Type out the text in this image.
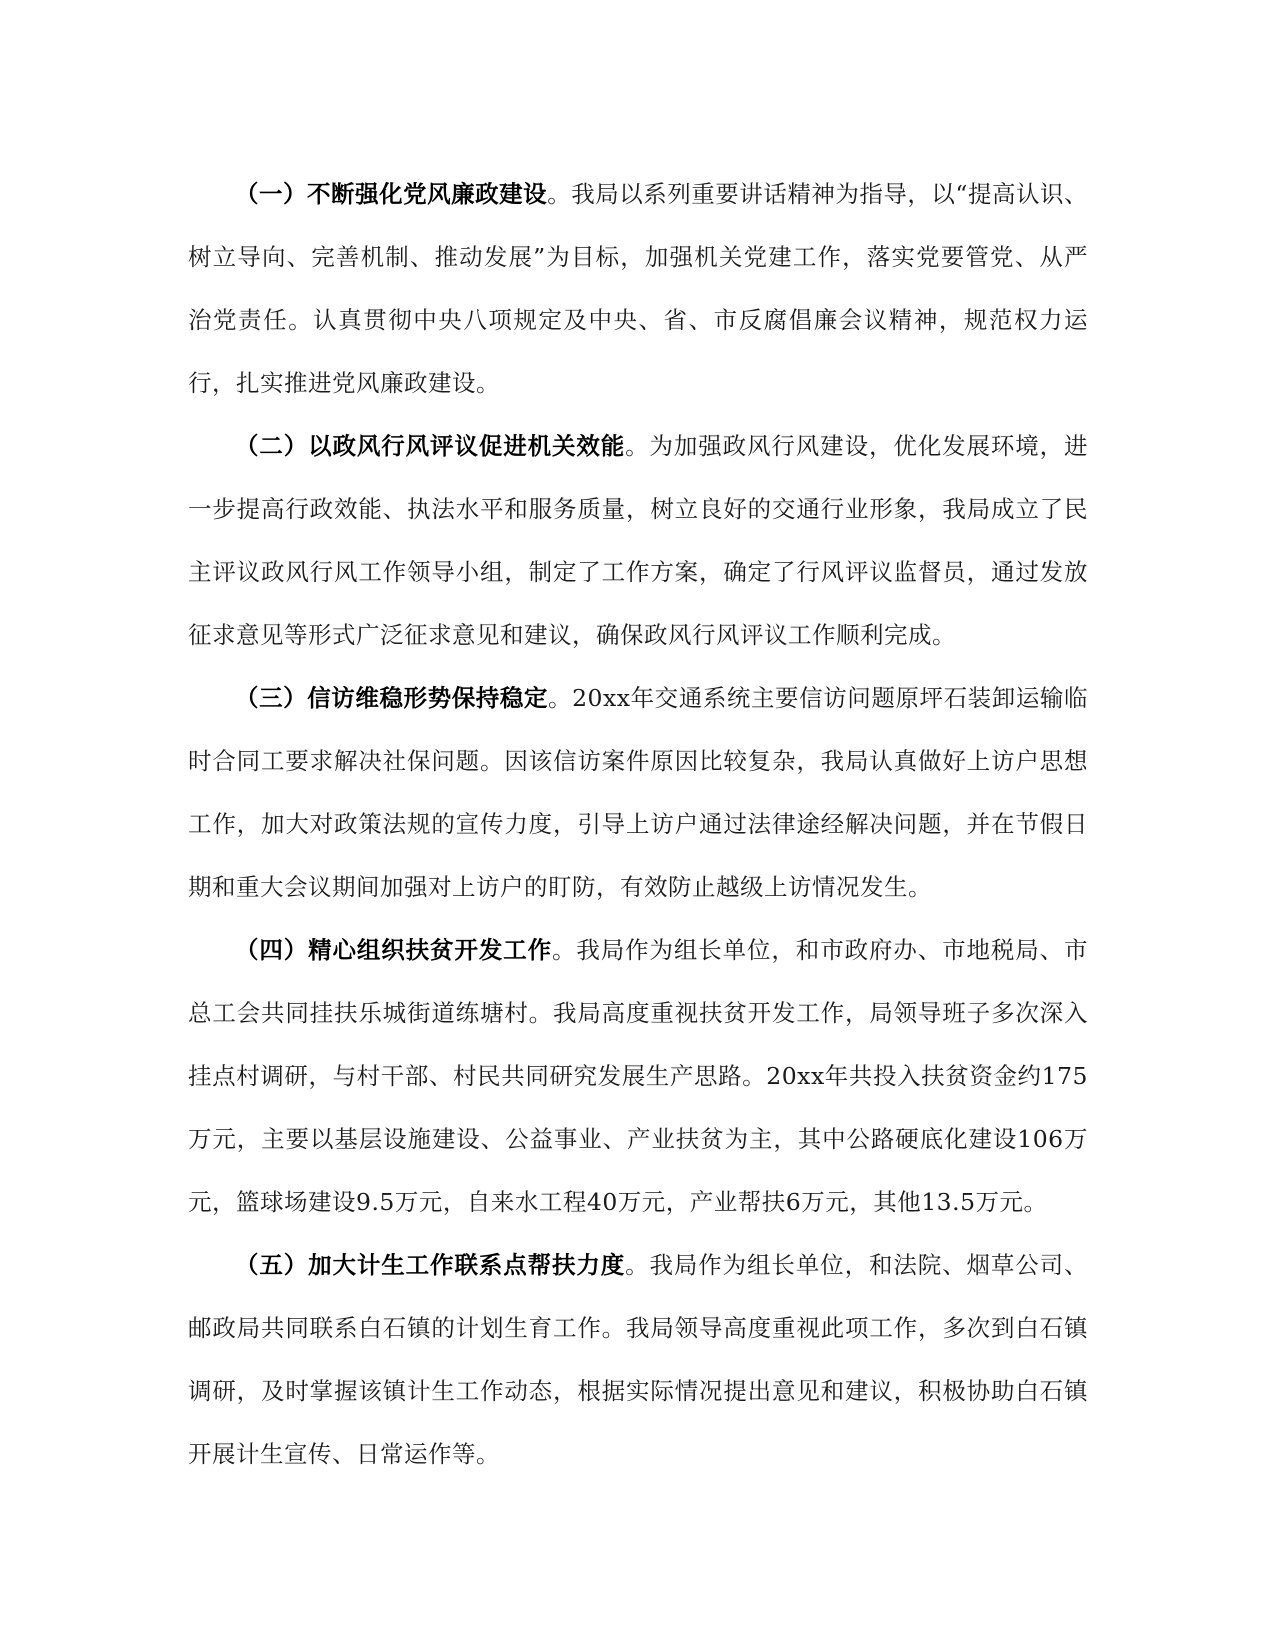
（一）不断强化党风廉政建设。我局以系列重要讲话精神为指导，以“提高认识、树立导向、完善机制、推动发展”为目标，加强机关党建工作，落实党要管党、从严治党责任。认真贯彻中央八项规定及中央、省、市反腐倡廉会议精神，规范权力运行，扎实推进党风廉政建设。

（二）以政风行风评议促进机关效能。为加强政风行风建设，优化发展环境，进一步提高行政效能、执法水平和服务质量，树立良好的交通行业形象，我局成立了民主评议政风行风工作领导小组，制定了工作方案，确定了行风评议监督员，通过发放征求意见等形式广泛征求意见和建议，确保政风行风评议工作顺利完成。

（三）信访维稳形势保持稳定。20xx年交通系统主要信访问题原坪石装卸运输临时合同工要求解决社保问题。因该信访案件原因比较复杂，我局认真做好上访户思想工作，加大对政策法规的宣传力度，引导上访户通过法律途经解决问题，并在节假日期和重大会议期间加强对上访户的盯防，有效防止越级上访情况发生。

（四）精心组织扶贫开发工作。我局作为组长单位，和市政府办、市地税局、市总工会共同挂扶乐城街道练塘村。我局高度重视扶贫开发工作，局领导班子多次深入挂点村调研，与村干部、村民共同研究发展生产思路。20xx年共投入扶贫资金约175万元，主要以基层设施建设、公益事业、产业扶贫为主，其中公路硬底化建设106万元，篮球场建设9.5万元，自来水工程40万元，产业帮扶6万元，其他13.5万元。

（五）加大计生工作联系点帮扶力度。我局作为组长单位，和法院、烟草公司、邮政局共同联系白石镇的计划生育工作。我局领导高度重视此项工作，多次到白石镇调研，及时掌握该镇计生工作动态，根据实际情况提出意见和建议，积极协助白石镇开展计生宣传、日常运作等。
